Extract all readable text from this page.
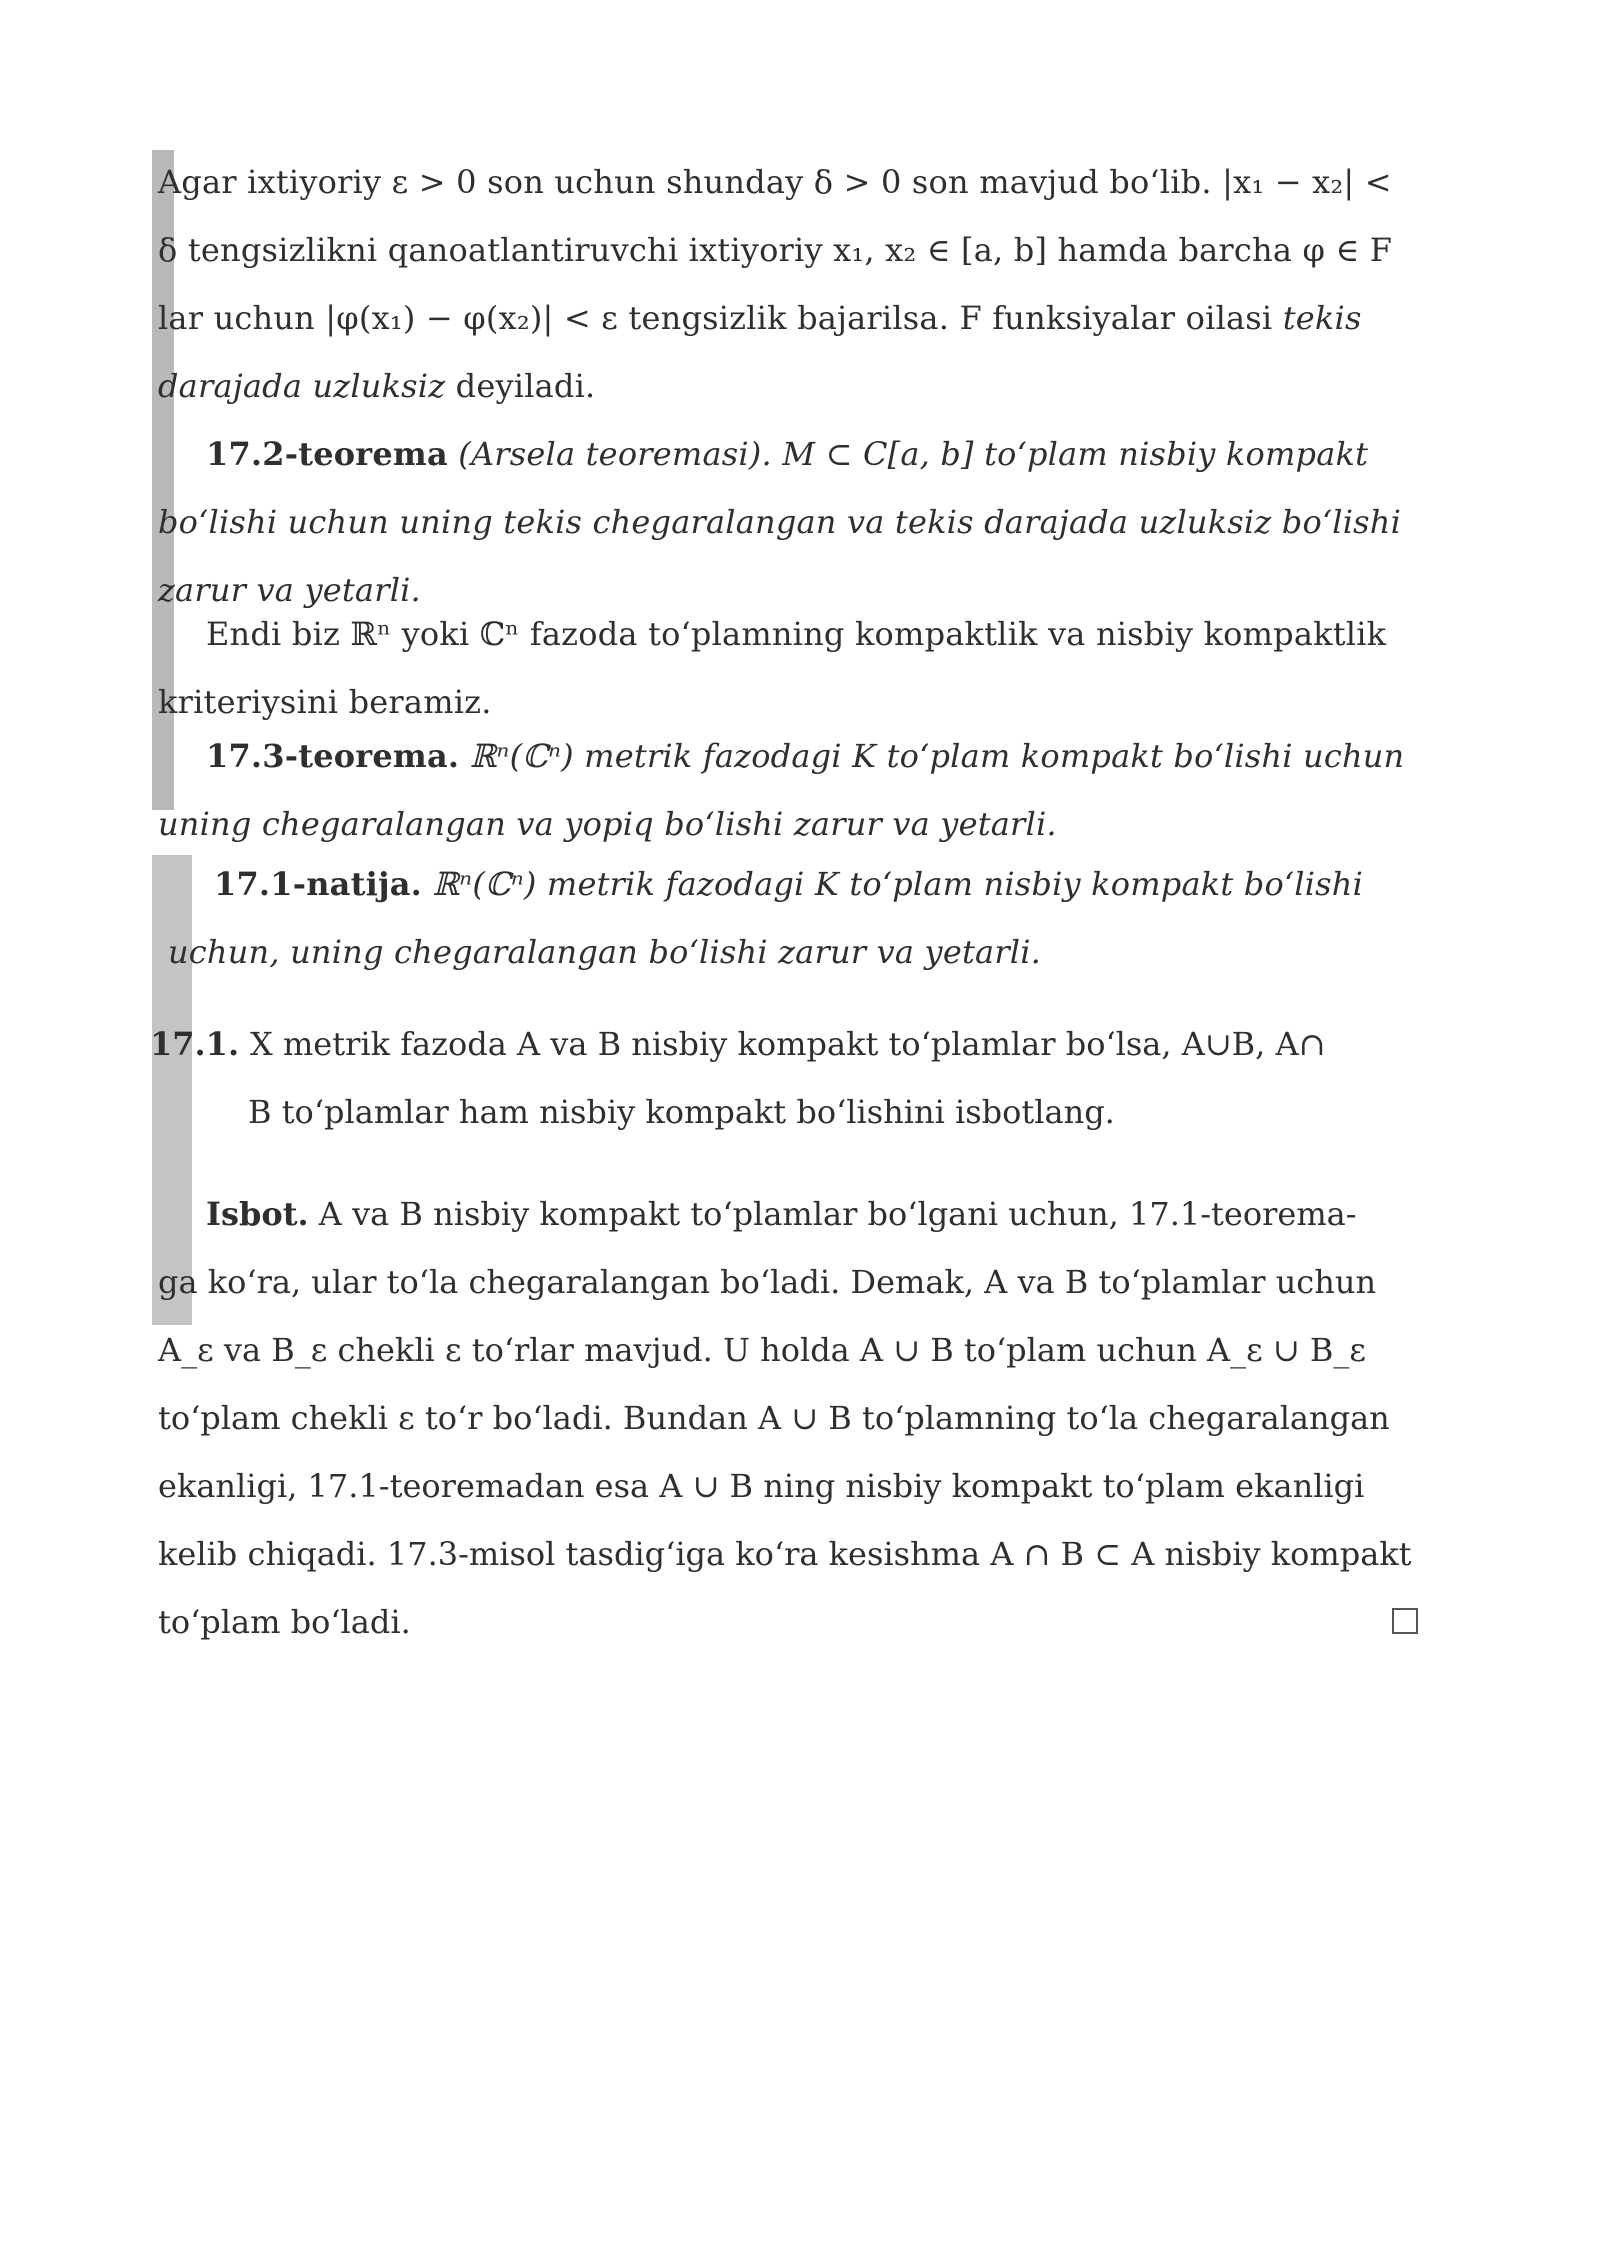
Agar ixtiyoriy ε > 0 son uchun shunday δ > 0 son mavjud bo‘lib. |x₁ − x₂| <
δ tengsizlikni qanoatlantiruvchi ixtiyoriy x₁, x₂ ∈ [a, b] hamda barcha φ ∈ F
lar uchun |φ(x₁) − φ(x₂)| < ε tengsizlik bajarilsa. F funksiyalar oilasi tekis
darajada uzluksiz deyiladi.
17.2-teorema (Arsela teoremasi). M ⊂ C[a, b] to‘plam nisbiy kompakt
bo‘lishi uchun uning tekis chegaralangan va tekis darajada uzluksiz bo‘lishi
zarur va yetarli.
Endi biz ℝⁿ yoki ℂⁿ fazoda to‘plamning kompaktlik va nisbiy kompaktlik
kriteriysini beramiz.
17.3-teorema. ℝⁿ(ℂⁿ) metrik fazodagi K to‘plam kompakt bo‘lishi uchun
uning chegaralangan va yopiq bo‘lishi zarur va yetarli.
17.1-natija. ℝⁿ(ℂⁿ) metrik fazodagi K to‘plam nisbiy kompakt bo‘lishi
uchun, uning chegaralangan bo‘lishi zarur va yetarli.
17.1. X metrik fazoda A va B nisbiy kompakt to‘plamlar bo‘lsa, A∪B, A∩
B to‘plamlar ham nisbiy kompakt bo‘lishini isbotlang.
Isbot. A va B nisbiy kompakt to‘plamlar bo‘lgani uchun, 17.1-teorema-
ga ko‘ra, ular to‘la chegaralangan bo‘ladi. Demak, A va B to‘plamlar uchun
A_ε va B_ε chekli ε to‘rlar mavjud. U holda A ∪ B to‘plam uchun A_ε ∪ B_ε
to‘plam chekli ε to‘r bo‘ladi. Bundan A ∪ B to‘plamning to‘la chegaralangan
ekanligi, 17.1-teoremadan esa A ∪ B ning nisbiy kompakt to‘plam ekanligi
kelib chiqadi. 17.3-misol tasdig‘iga ko‘ra kesishma A ∩ B ⊂ A nisbiy kompakt
to‘plam bo‘ladi.
